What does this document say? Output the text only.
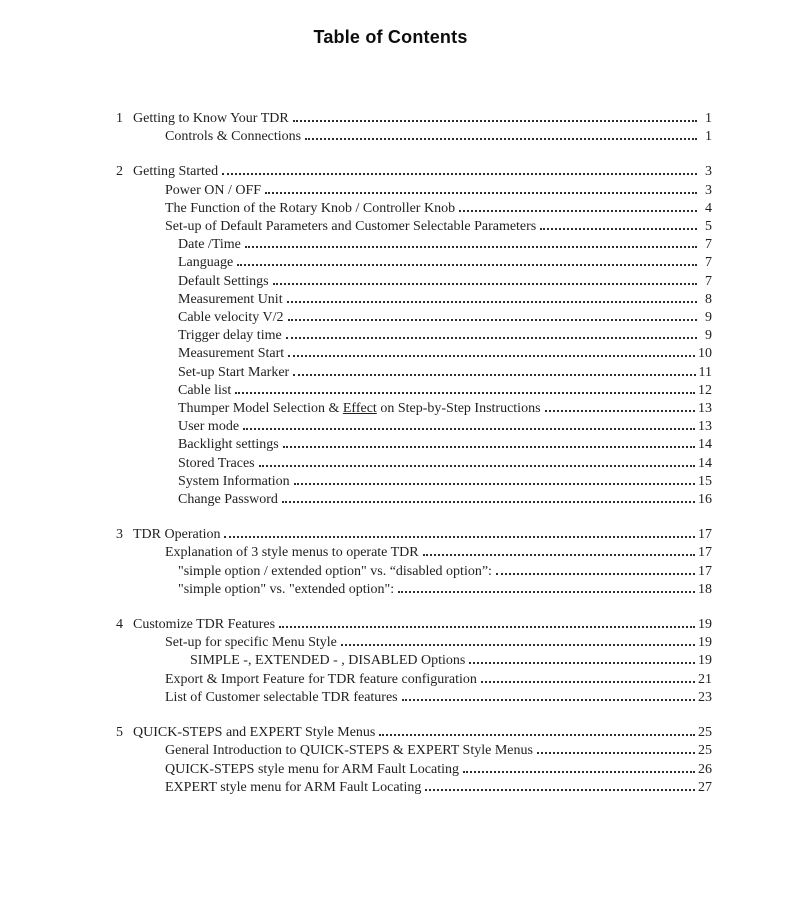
Table of Contents
1 Getting to Know Your TDR	1
Controls & Connections	1
2 Getting Started	3
Power ON / OFF	3
The Function of the Rotary Knob / Controller Knob	4
Set-up of Default Parameters and Customer Selectable Parameters	5
Date /Time	7
Language	7
Default Settings	7
Measurement Unit	8
Cable velocity V/2	9
Trigger delay time	9
Measurement Start	10
Set-up Start Marker	11
Cable list	12
Thumper Model Selection & Effect on Step-by-Step Instructions	13
User mode	13
Backlight settings	14
Stored Traces	14
System Information	15
Change Password	16
3 TDR Operation	17
Explanation of 3 style menus to operate TDR	17
"simple option / extended option" vs. “disabled option”:	17
"simple option" vs. "extended option":	18
4 Customize TDR Features	19
Set-up for specific Menu Style	19
SIMPLE -, EXTENDED - , DISABLED Options	19
Export & Import Feature for TDR feature configuration	21
List of Customer selectable TDR features	23
5 QUICK-STEPS and EXPERT Style Menus	25
General Introduction to QUICK-STEPS & EXPERT Style Menus	25
QUICK-STEPS style menu for ARM Fault Locating	26
EXPERT style menu for ARM Fault Locating	27
